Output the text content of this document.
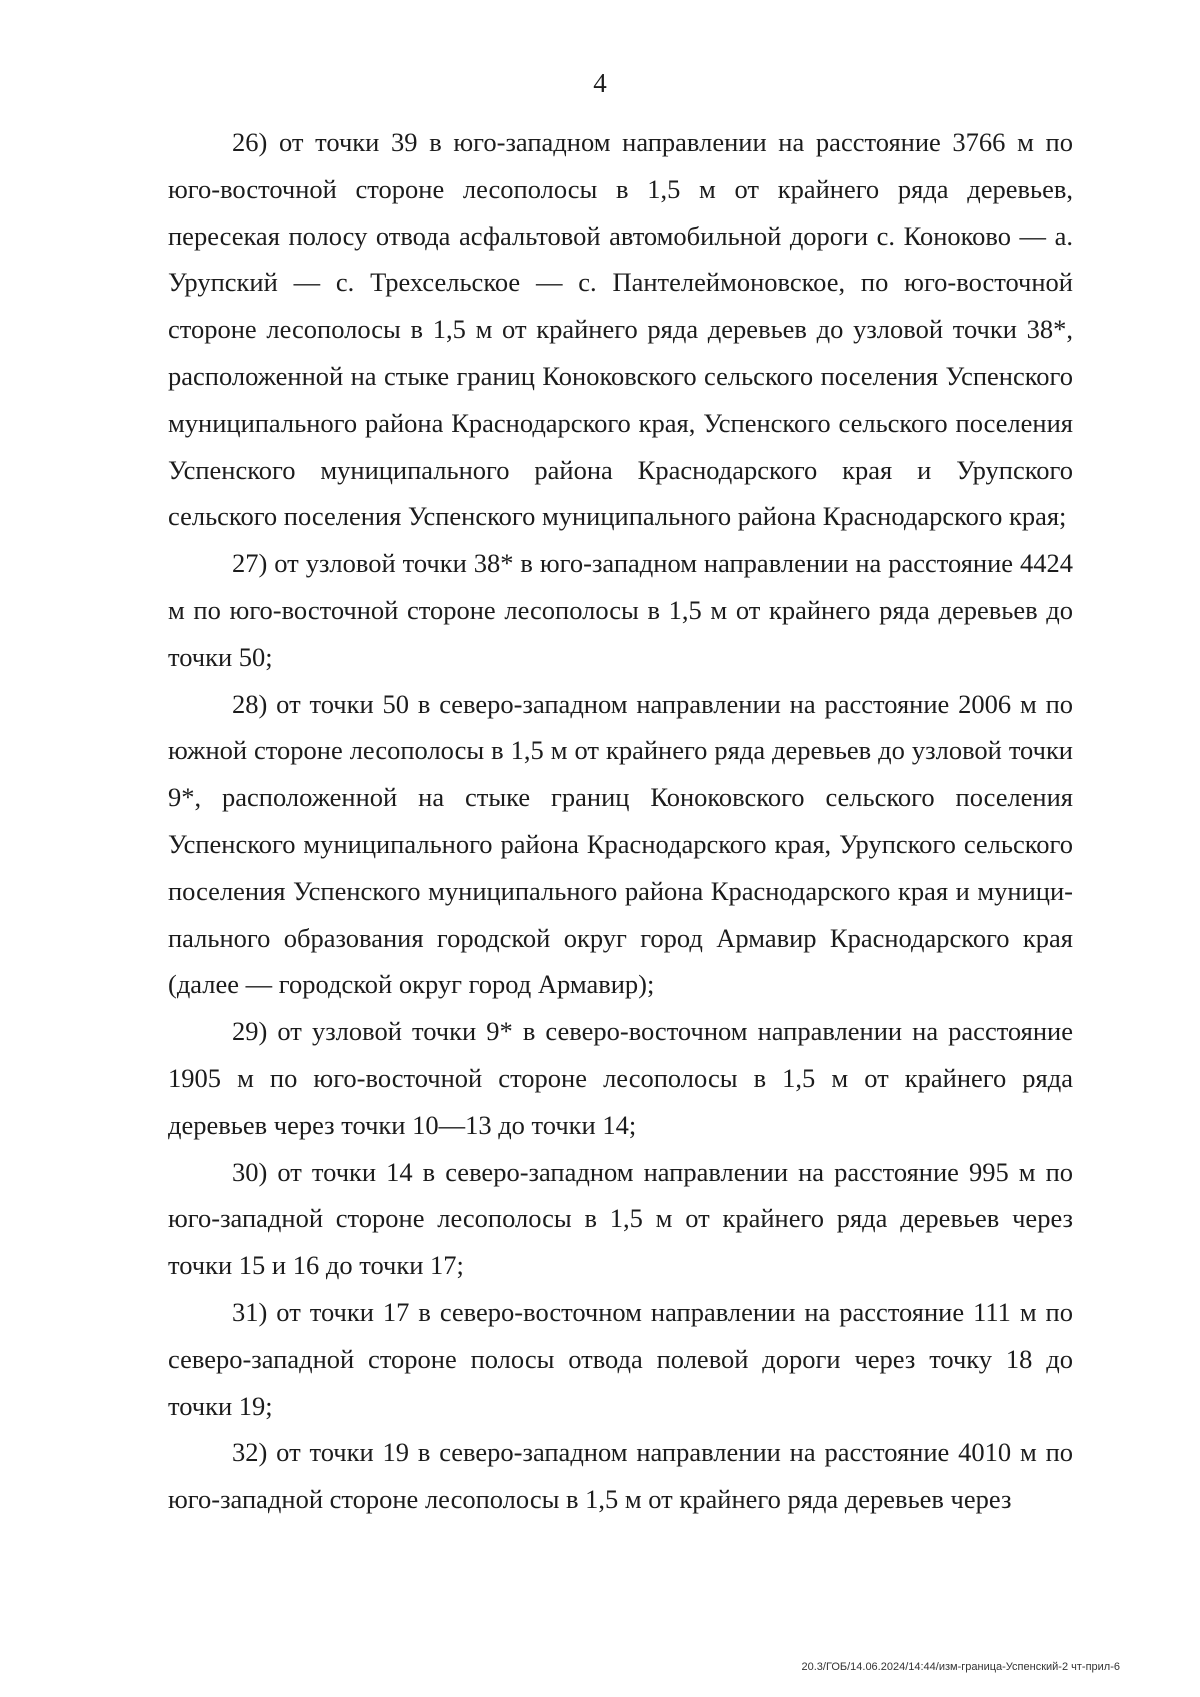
4

26) от точки 39 в юго-западном направлении на расстояние 3766 м по юго-восточной стороне лесополосы в 1,5 м от крайнего ряда деревьев, пересекая полосу отвода асфальтовой автомобильной дороги с. Коноково — а. Урупский — с. Трехсельское — с. Пантелеймоновское, по юго-восточной стороне лесополосы в 1,5 м от крайнего ряда деревьев до узловой точки 38*, расположенной на стыке границ Коноковского сельского поселения Успенского муниципального района Краснодарского края, Успенского сельского поселения Успенского муниципального района Краснодарского края и Урупского сельского поселения Успенского муниципального района Краснодарского края;

27) от узловой точки 38* в юго-западном направлении на расстояние 4424 м по юго-восточной стороне лесополосы в 1,5 м от крайнего ряда деревьев до точки 50;

28) от точки 50 в северо-западном направлении на расстояние 2006 м по южной стороне лесополосы в 1,5 м от крайнего ряда деревьев до узловой точки 9*, расположенной на стыке границ Коноковского сельского поселения Успенского муниципального района Краснодарского края, Урупского сельского поселения Успенского муниципального района Краснодарского края и муниципального образования городской округ город Армавир Краснодарского края (далее — городской округ город Армавир);

29) от узловой точки 9* в северо-восточном направлении на расстояние 1905 м по юго-восточной стороне лесополосы в 1,5 м от крайнего ряда деревьев через точки 10—13 до точки 14;

30) от точки 14 в северо-западном направлении на расстояние 995 м по юго-западной стороне лесополосы в 1,5 м от крайнего ряда деревьев через точки 15 и 16 до точки 17;

31) от точки 17 в северо-восточном направлении на расстояние 111 м по северо-западной стороне полосы отвода полевой дороги через точку 18 до точки 19;

32) от точки 19 в северо-западном направлении на расстояние 4010 м по юго-западной стороне лесополосы в 1,5 м от крайнего ряда деревьев через

20.3/ГОБ/14.06.2024/14:44/изм-граница-Успенский-2 чт-прил-6
